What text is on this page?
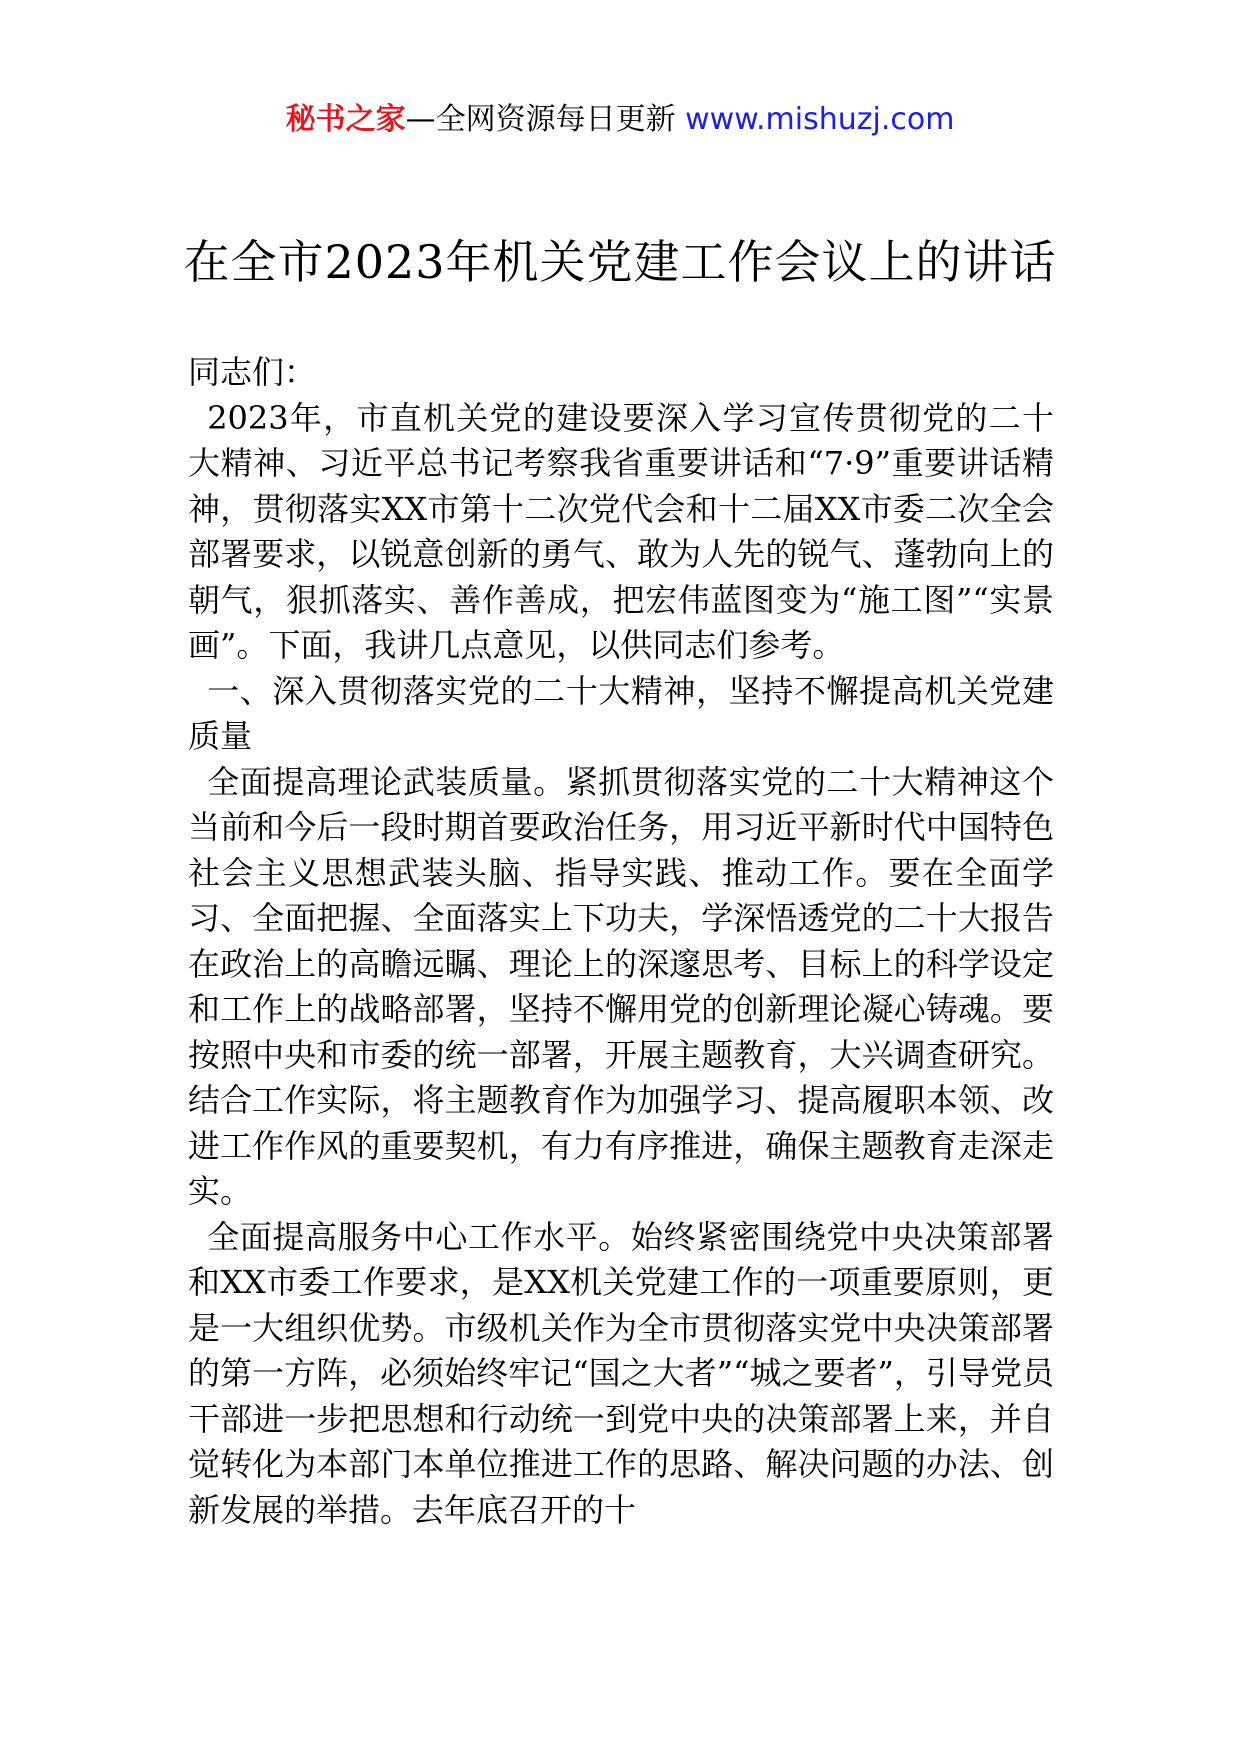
秘书之家—全网资源每日更新 www.mishuzj.com
在全市2023年机关党建工作会议上的讲话

同志们：

2023年，市直机关党的建设要深入学习宣传贯彻党的二十大精神、习近平总书记考察我省重要讲话和“7·9”重要讲话精神，贯彻落实XX市第十二次党代会和十二届XX市委二次全会部署要求，以锐意创新的勇气、敢为人先的锐气、蓬勃向上的朝气，狠抓落实、善作善成，把宏伟蓝图变为“施工图”“实景画”。下面，我讲几点意见，以供同志们参考。

一、深入贯彻落实党的二十大精神，坚持不懈提高机关党建质量

全面提高理论武装质量。紧抓贯彻落实党的二十大精神这个当前和今后一段时期首要政治任务，用习近平新时代中国特色社会主义思想武装头脑、指导实践、推动工作。要在全面学习、全面把握、全面落实上下功夫，学深悟透党的二十大报告在政治上的高瞻远瞩、理论上的深邃思考、目标上的科学设定和工作上的战略部署，坚持不懈用党的创新理论凝心铸魂。要按照中央和市委的统一部署，开展主题教育，大兴调查研究。结合工作实际，将主题教育作为加强学习、提高履职本领、改进工作作风的重要契机，有力有序推进，确保主题教育走深走实。

全面提高服务中心工作水平。始终紧密围绕党中央决策部署和XX市委工作要求，是XX机关党建工作的一项重要原则，更是一大组织优势。市级机关作为全市贯彻落实党中央决策部署的第一方阵，必须始终牢记“国之大者”“城之要者”，引导党员干部进一步把思想和行动统一到党中央的决策部署上来，并自觉转化为本部门本单位推进工作的思路、解决问题的办法、创新发展的举措。去年底召开的十
